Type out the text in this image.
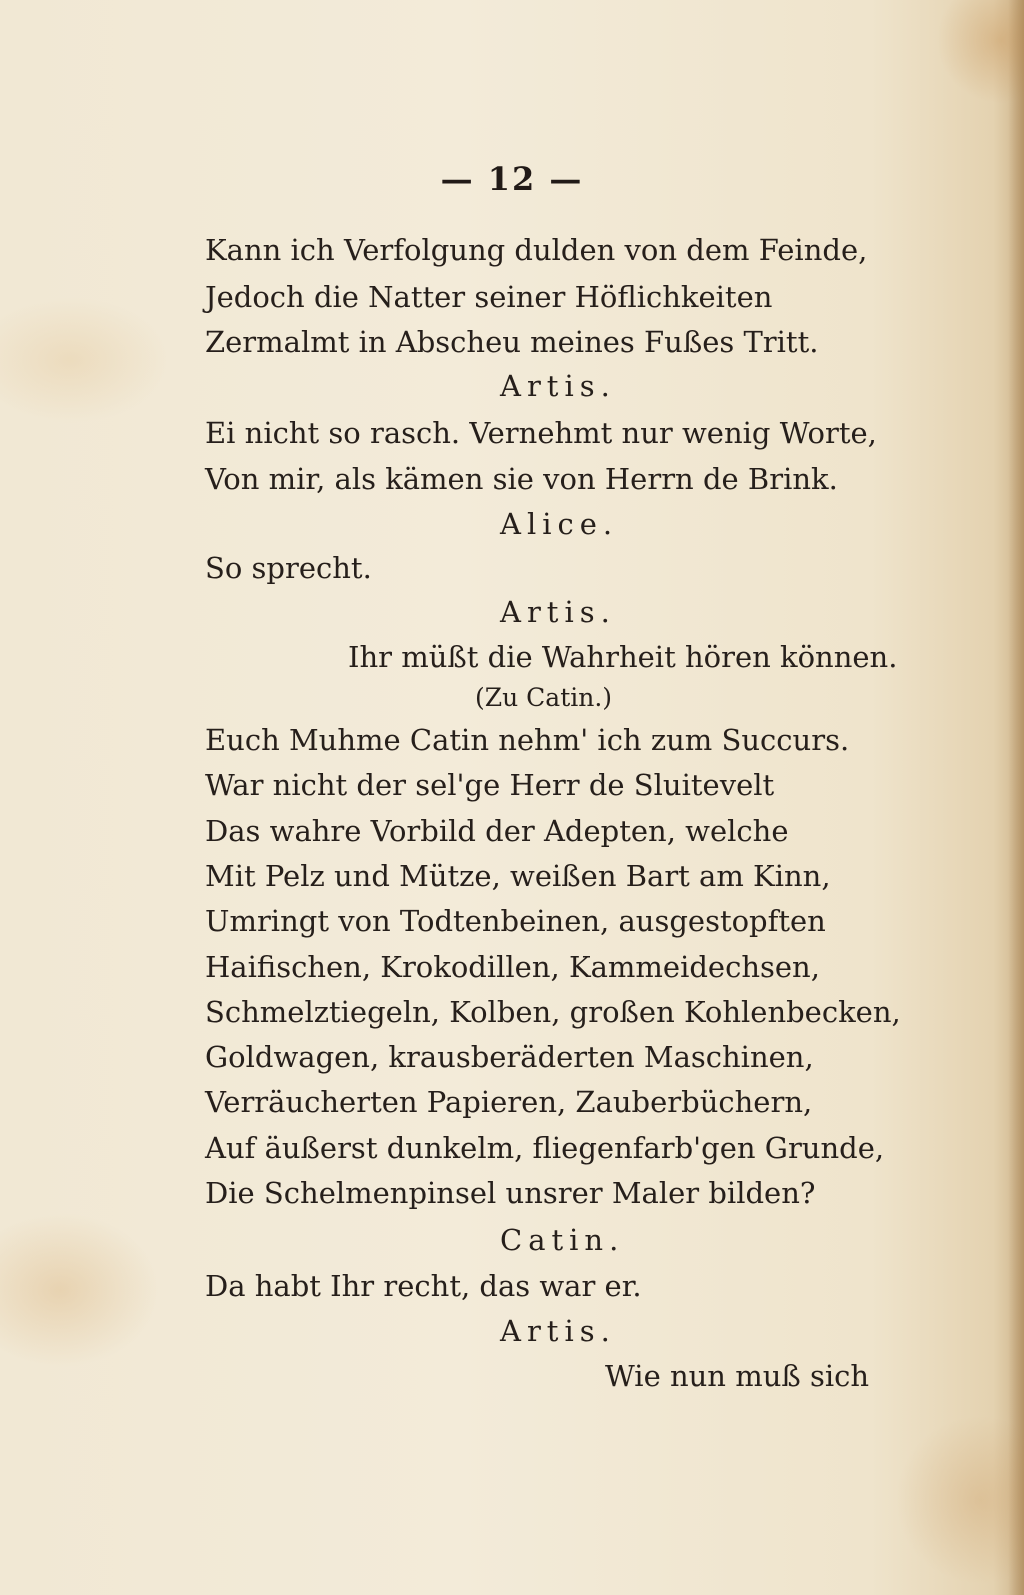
— 12 —
Kann ich Verfolgung dulden von dem Feinde,
Jedoch die Natter seiner Höflichkeiten
Zermalmt in Abscheu meines Fußes Tritt.
Artis.
Ei nicht so rasch. Vernehmt nur wenig Worte,
Von mir, als kämen sie von Herrn de Brink.
Alice.
So sprecht.
Artis.
Ihr müßt die Wahrheit hören können.
(Zu Catin.)
Euch Muhme Catin nehm' ich zum Succurs.
War nicht der sel'ge Herr de Sluitevelt
Das wahre Vorbild der Adepten, welche
Mit Pelz und Mütze, weißen Bart am Kinn,
Umringt von Todtenbeinen, ausgestopften
Haifischen, Krokodillen, Kammeidechsen,
Schmelztiegeln, Kolben, großen Kohlenbecken,
Goldwagen, krausberäderten Maschinen,
Verräucherten Papieren, Zauberbüchern,
Auf äußerst dunkelm, fliegenfarb'gen Grunde,
Die Schelmenpinsel unsrer Maler bilden?
Catin.
Da habt Ihr recht, das war er.
Artis.
Wie nun muß sich
